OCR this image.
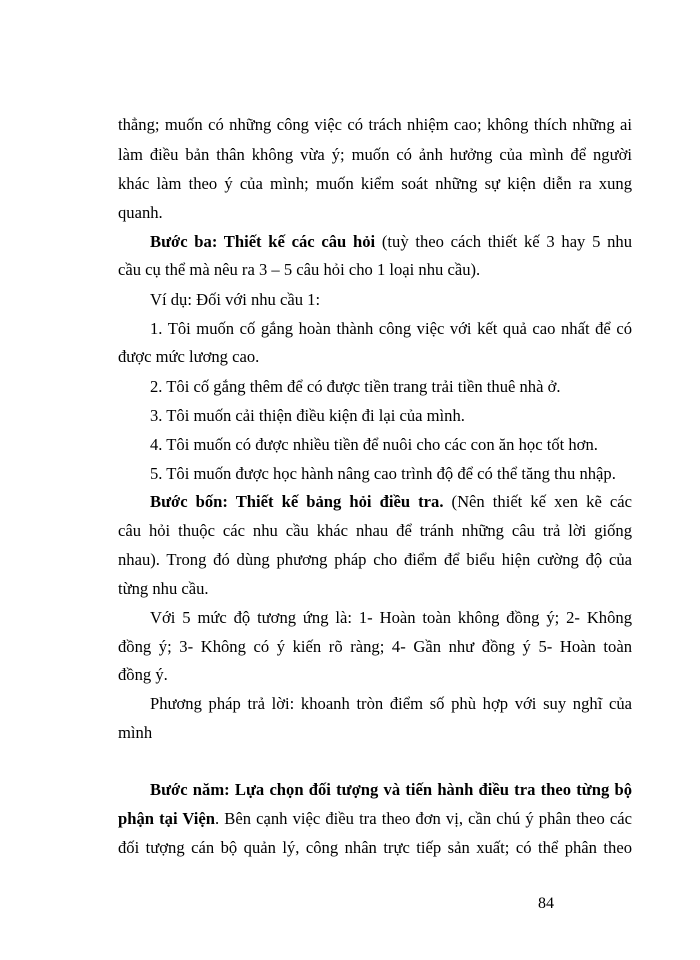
thẳng; muốn có những công việc có trách nhiệm cao; không thích những ai
làm điều bản thân không vừa ý; muốn có ảnh hưởng của mình để người
khác làm theo ý của mình; muốn kiểm soát những sự kiện diễn ra xung
quanh.
Bước ba: Thiết kế các câu hỏi (tuỳ theo cách thiết kế 3 hay 5 nhu
cầu cụ thể mà nêu ra 3 – 5 câu hỏi cho 1 loại nhu cầu).
Ví dụ: Đối với nhu cầu 1:
1. Tôi muốn cố gắng hoàn thành công việc với kết quả cao nhất để có
được mức lương cao.
2. Tôi cố gắng thêm để có được tiền trang trải tiền thuê nhà ở.
3. Tôi muốn cải thiện điều kiện đi lại của mình.
4. Tôi muốn có được nhiều tiền để nuôi cho các con ăn học tốt hơn.
5. Tôi muốn được học hành nâng cao trình độ để có thể tăng thu nhập.
Bước bốn: Thiết kế bảng hỏi điều tra. (Nên thiết kế xen kẽ các
câu hỏi thuộc các nhu cầu khác nhau để tránh những câu trả lời giống
nhau). Trong đó dùng phương pháp cho điểm để biểu hiện cường độ của
từng nhu cầu.
Với 5 mức độ tương ứng là: 1- Hoàn toàn không đồng ý; 2- Không
đồng ý; 3- Không có ý kiến rõ ràng; 4- Gần như đồng ý 5- Hoàn toàn
đồng ý.
Phương pháp trả lời: khoanh tròn điểm số phù hợp với suy nghĩ của
mình
Bước năm: Lựa chọn đối tượng và tiến hành điều tra theo từng bộ
phận tại Viện. Bên cạnh việc điều tra theo đơn vị, cần chú ý phân theo các
đối tượng cán bộ quản lý, công nhân trực tiếp sản xuất; có thể phân theo
84
